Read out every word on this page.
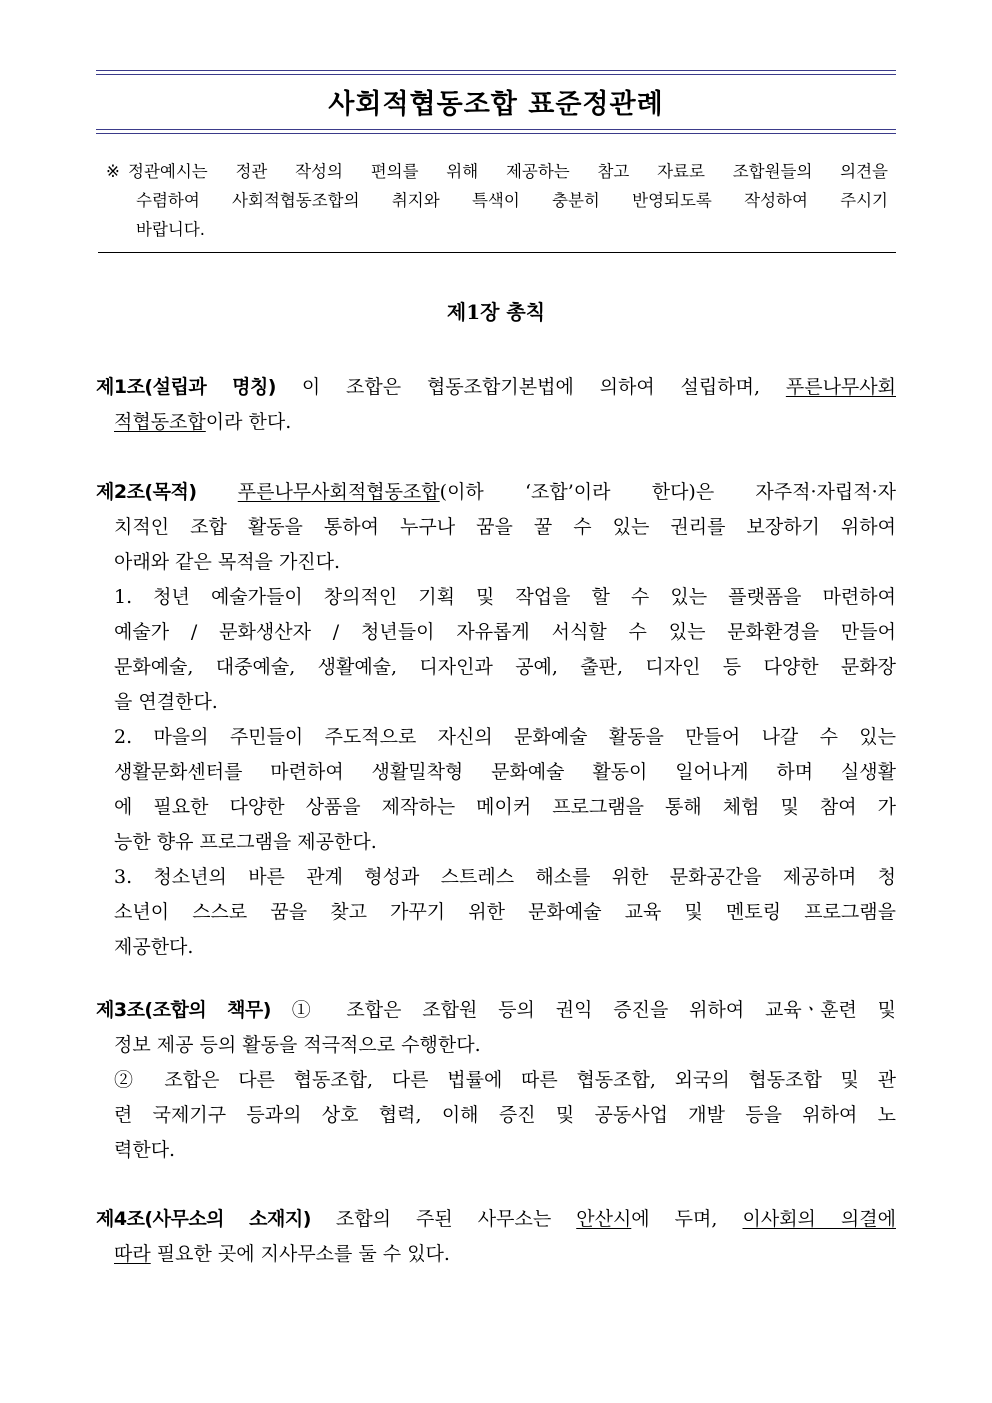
사회적협동조합 표준정관례
※ 정관예시는 정관 작성의 편의를 위해 제공하는 참고 자료로 조합원들의 의견을
수렴하여 사회적협동조합의 취지와 특색이 충분히 반영되도록 작성하여 주시기
바랍니다.
제1장 총칙
제1조(설립과 명칭) 이 조합은 협동조합기본법에 의하여 설립하며, 푸른나무사회
적협동조합이라 한다.
제2조(목적) 푸른나무사회적협동조합(이하 ‘조합’이라 한다)은 자주적·자립적·자
치적인 조합 활동을 통하여 누구나 꿈을 꿀 수 있는 권리를 보장하기 위하여
아래와 같은 목적을 가진다.
1. 청년 예술가들이 창의적인 기획 및 작업을 할 수 있는 플랫폼을 마련하여
예술가 / 문화생산자 / 청년들이 자유롭게 서식할 수 있는 문화환경을 만들어
문화예술, 대중예술, 생활예술, 디자인과 공예, 출판, 디자인 등 다양한 문화장
을 연결한다.
2. 마을의 주민들이 주도적으로 자신의 문화예술 활동을 만들어 나갈 수 있는
생활문화센터를 마련하여 생활밀착형 문화예술 활동이 일어나게 하며 실생활
에 필요한 다양한 상품을 제작하는 메이커 프로그램을 통해 체험 및 참여 가
능한 향유 프로그램을 제공한다.
3. 청소년의 바른 관계 형성과 스트레스 해소를 위한 문화공간을 제공하며 청
소년이 스스로 꿈을 찾고 가꾸기 위한 문화예술 교육 및 멘토링 프로그램을
제공한다.
제3조(조합의 책무) ① 조합은 조합원 등의 권익 증진을 위하여 교육ㆍ훈련 및
정보 제공 등의 활동을 적극적으로 수행한다.
② 조합은 다른 협동조합, 다른 법률에 따른 협동조합, 외국의 협동조합 및 관
련 국제기구 등과의 상호 협력, 이해 증진 및 공동사업 개발 등을 위하여 노
력한다.
제4조(사무소의 소재지) 조합의 주된 사무소는 안산시에 두며, 이사회의 의결에
따라 필요한 곳에 지사무소를 둘 수 있다.
